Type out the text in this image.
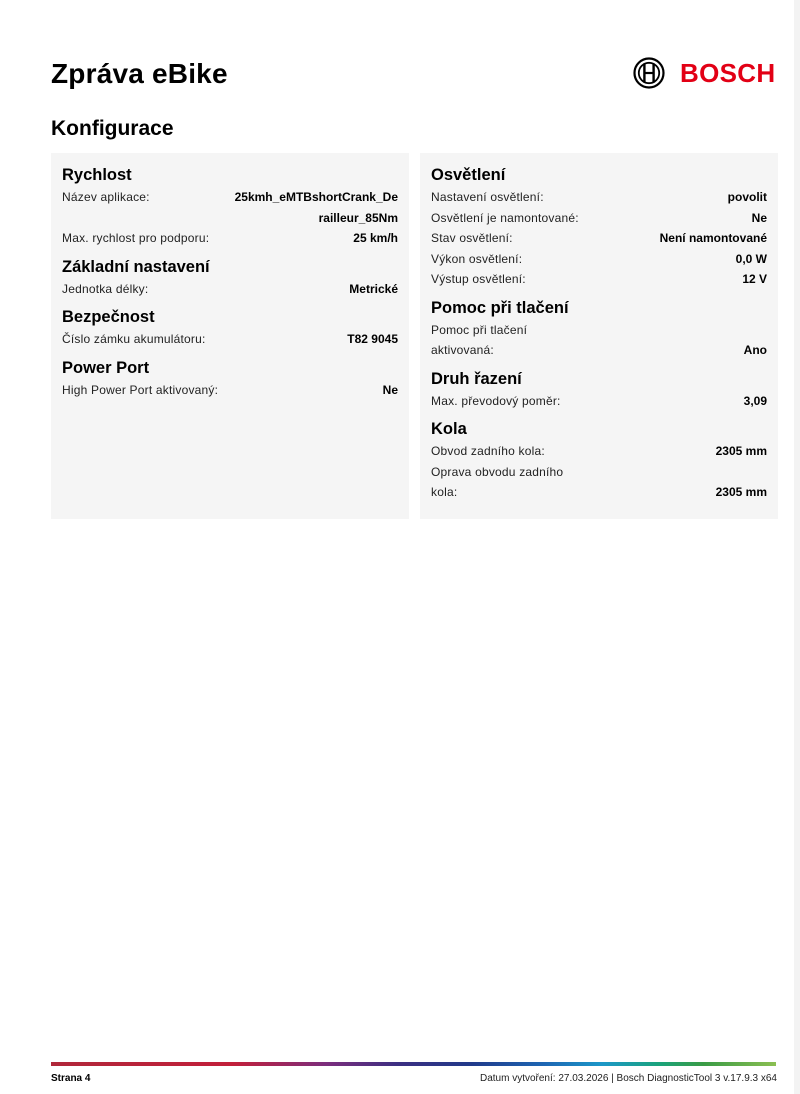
Zpráva eBike	BOSCH
Konfigurace
Rychlost
Název aplikace:	25kmh_eMTBshortCrank_Derailleur_85Nm
Max. rychlost pro podporu:	25 km/h
Základní nastavení
Jednotka délky:	Metrické
Bezpečnost
Číslo zámku akumulátoru:	T82 9045
Power Port
High Power Port aktivovaný:	Ne
Osvětlení
Nastavení osvětlení:	povolit
Osvětlení je namontované:	Ne
Stav osvětlení:	Není namontované
Výkon osvětlení:	0,0 W
Výstup osvětlení:	12 V
Pomoc při tlačení
Pomoc při tlačení aktivovaná:	Ano
Druh řazení
Max. převodový poměr:	3,09
Kola
Obvod zadního kola:	2305 mm
Oprava obvodu zadního kola:	2305 mm
Strana 4	Datum vytvoření: 27.03.2026 | Bosch DiagnosticTool 3 v.17.9.3 x64
